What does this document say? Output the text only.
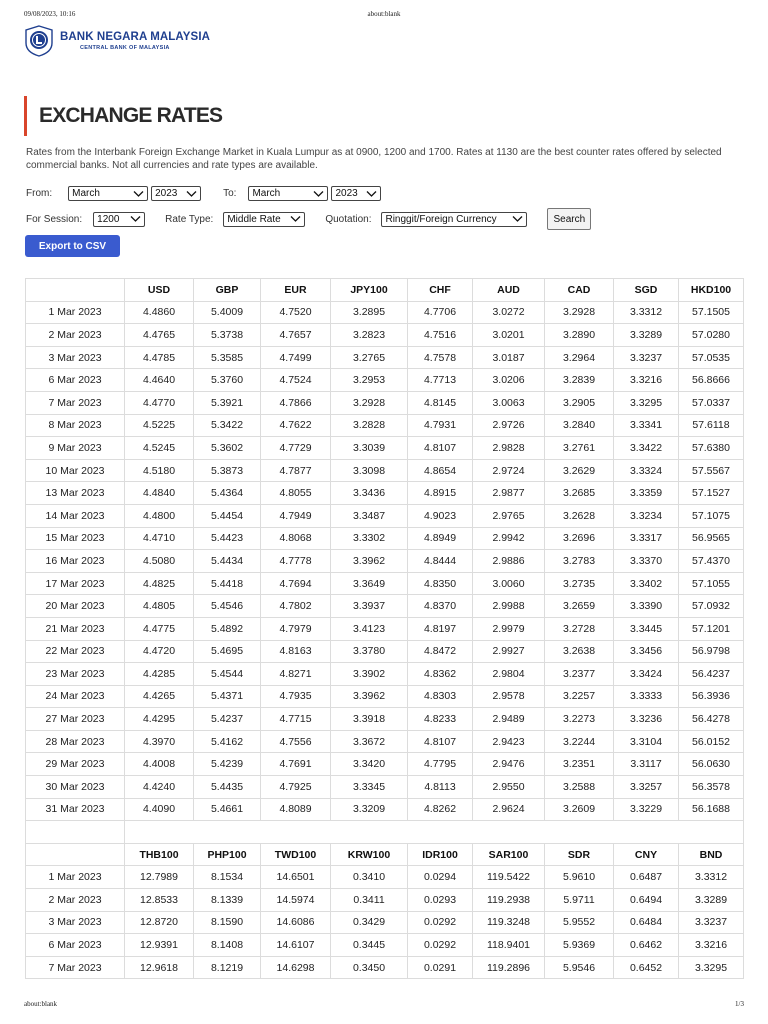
09/08/2023, 10:16	about:blank
BANK NEGARA MALAYSIA
CENTRAL BANK OF MALAYSIA
EXCHANGE RATES

Rates from the Interbank Foreign Exchange Market in Kuala Lumpur as at 0900, 1200 and 1700. Rates at 1130 are the best counter rates offered by selected commercial banks. Not all currencies and rate types are available.

From: March	2023	To: March	2023
For Session: 1200	Rate Type: Middle Rate	Quotation: Ringgit/Foreign Currency	Search
Export to CSV
	USD	GBP	EUR	JPY100	CHF	AUD	CAD	SGD	HKD100
1 Mar 2023	4.4860	5.4009	4.7520	3.2895	4.7706	3.0272	3.2928	3.3312	57.1505
2 Mar 2023	4.4765	5.3738	4.7657	3.2823	4.7516	3.0201	3.2890	3.3289	57.0280
3 Mar 2023	4.4785	5.3585	4.7499	3.2765	4.7578	3.0187	3.2964	3.3237	57.0535
6 Mar 2023	4.4640	5.3760	4.7524	3.2953	4.7713	3.0206	3.2839	3.3216	56.8666
7 Mar 2023	4.4770	5.3921	4.7866	3.2928	4.8145	3.0063	3.2905	3.3295	57.0337
8 Mar 2023	4.5225	5.3422	4.7622	3.2828	4.7931	2.9726	3.2840	3.3341	57.6118
9 Mar 2023	4.5245	5.3602	4.7729	3.3039	4.8107	2.9828	3.2761	3.3422	57.6380
10 Mar 2023	4.5180	5.3873	4.7877	3.3098	4.8654	2.9724	3.2629	3.3324	57.5567
13 Mar 2023	4.4840	5.4364	4.8055	3.3436	4.8915	2.9877	3.2685	3.3359	57.1527
14 Mar 2023	4.4800	5.4454	4.7949	3.3487	4.9023	2.9765	3.2628	3.3234	57.1075
15 Mar 2023	4.4710	5.4423	4.8068	3.3302	4.8949	2.9942	3.2696	3.3317	56.9565
16 Mar 2023	4.5080	5.4434	4.7778	3.3962	4.8444	2.9886	3.2783	3.3370	57.4370
17 Mar 2023	4.4825	5.4418	4.7694	3.3649	4.8350	3.0060	3.2735	3.3402	57.1055
20 Mar 2023	4.4805	5.4546	4.7802	3.3937	4.8370	2.9988	3.2659	3.3390	57.0932
21 Mar 2023	4.4775	5.4892	4.7979	3.4123	4.8197	2.9979	3.2728	3.3445	57.1201
22 Mar 2023	4.4720	5.4695	4.8163	3.3780	4.8472	2.9927	3.2638	3.3456	56.9798
23 Mar 2023	4.4285	5.4544	4.8271	3.3902	4.8362	2.9804	3.2377	3.3424	56.4237
24 Mar 2023	4.4265	5.4371	4.7935	3.3962	4.8303	2.9578	3.2257	3.3333	56.3936
27 Mar 2023	4.4295	5.4237	4.7715	3.3918	4.8233	2.9489	3.2273	3.3236	56.4278
28 Mar 2023	4.3970	5.4162	4.7556	3.3672	4.8107	2.9423	3.2244	3.3104	56.0152
29 Mar 2023	4.4008	5.4239	4.7691	3.3420	4.7795	2.9476	3.2351	3.3117	56.0630
30 Mar 2023	4.4240	5.4435	4.7925	3.3345	4.8113	2.9550	3.2588	3.3257	56.3578
31 Mar 2023	4.4090	5.4661	4.8089	3.3209	4.8262	2.9624	3.2609	3.3229	56.1688

	THB100	PHP100	TWD100	KRW100	IDR100	SAR100	SDR	CNY	BND
1 Mar 2023	12.7989	8.1534	14.6501	0.3410	0.0294	119.5422	5.9610	0.6487	3.3312
2 Mar 2023	12.8533	8.1339	14.5974	0.3411	0.0293	119.2938	5.9711	0.6494	3.3289
3 Mar 2023	12.8720	8.1590	14.6086	0.3429	0.0292	119.3248	5.9552	0.6484	3.3237
6 Mar 2023	12.9391	8.1408	14.6107	0.3445	0.0292	118.9401	5.9369	0.6462	3.3216
7 Mar 2023	12.9618	8.1219	14.6298	0.3450	0.0291	119.2896	5.9546	0.6452	3.3295
about:blank	1/3
